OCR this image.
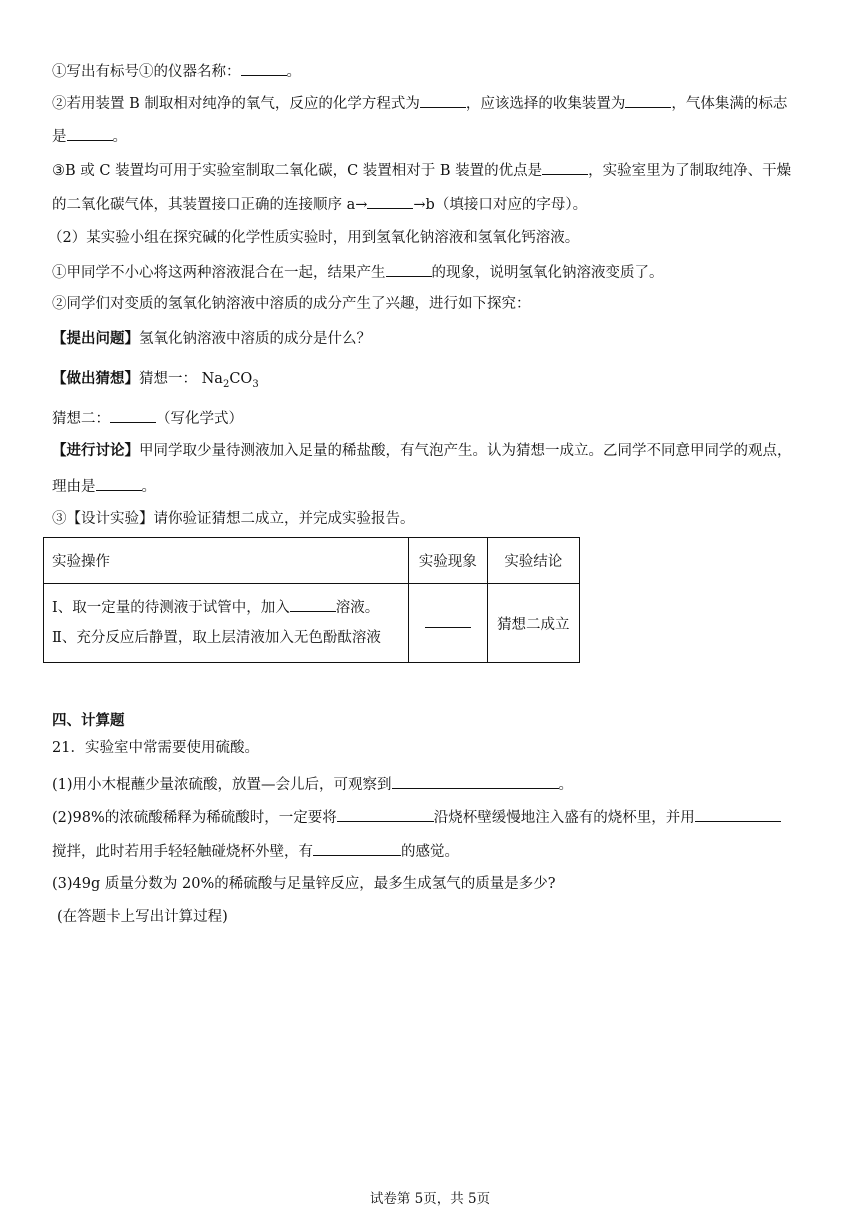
①写出有标号①的仪器名称：	。
②若用装置 B 制取相对纯净的氧气，反应的化学方程式为	，应该选择的收集装置为	，气体集满的标志
是	。
③B 或 C 装置均可用于实验室制取二氧化碳，C 装置相对于 B 装置的优点是	，实验室里为了制取纯净、干燥
的二氧化碳气体，其装置接口正确的连接顺序 a→	→b（填接口对应的字母）。
（2）某实验小组在探究碱的化学性质实验时，用到氢氧化钠溶液和氢氧化钙溶液。
①甲同学不小心将这两种溶液混合在一起，结果产生	的现象，说明氢氧化钠溶液变质了。
②同学们对变质的氢氧化钠溶液中溶质的成分产生了兴趣，进行如下探究：
【提出问题】氢氧化钠溶液中溶质的成分是什么？
【做出猜想】猜想一： $Na_2CO_3$
猜想二：	（写化学式）
【进行讨论】甲同学取少量待测液加入足量的稀盐酸，有气泡产生。认为猜想一成立。乙同学不同意甲同学的观点，
理由是	。
③【设计实验】请你验证猜想二成立，并完成实验报告。
实验操作	实验现象	实验结论

Ⅰ、取一定量的待测液于试管中，加入 溶液。
Ⅱ、充分反应后静置，取上层清液加入无色酚酞溶液		猜想二成立
四、计算题
21．实验室中常需要使用硫酸。
(1)用小木棍蘸少量浓硫酸，放置—会儿后，可观察到	。
(2)98%的浓硫酸稀释为稀硫酸时，一定要将	沿烧杯壁缓慢地注入盛有的烧杯里，并用
搅拌，此时若用手轻轻触碰烧杯外壁，有	的感觉。
(3)49g 质量分数为 20%的稀硫酸与足量锌反应，最多生成氢气的质量是多少?
(在答题卡上写出计算过程)
试卷第 5页，共 5页
